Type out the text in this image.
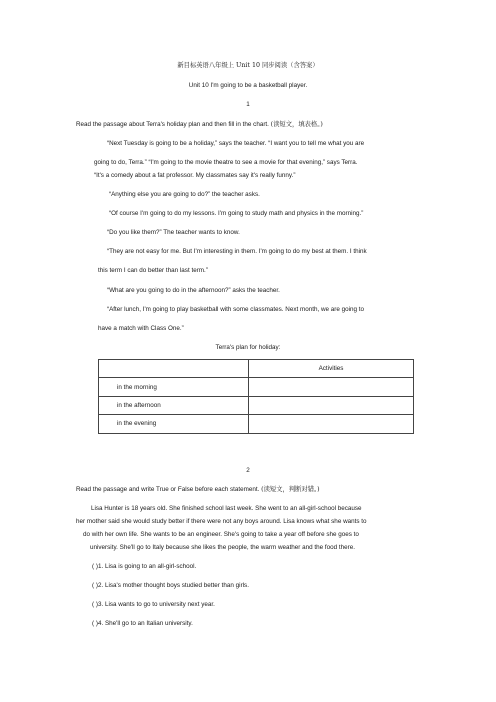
新目标英语八年级上 Unit 10 同步阅读（含答案）
Unit 10 I'm going to be a basketball player.
1
Read the passage about Terra's holiday plan and then fill in the chart. (读短文，填表格。)
“Next Tuesday is going to be a holiday,” says the teacher. “I want you to tell me what you are
going to do, Terra.” “I'm going to the movie theatre to see a movie for that evening,” says Terra.
“It's a comedy about a fat professor. My classmates say it's really funny.”
“Anything else you are going to do?” the teacher asks.
“Of course I'm going to do my lessons. I'm going to study math and physics in the morning.”
“Do you like them?” The teacher wants to know.
“They are not easy for me. But I'm interesting in them. I'm going to do my best at them. I think
this term I can do better than last term.”
“What are you going to do in the afternoon?” asks the teacher.
“After lunch, I'm going to play basketball with some classmates. Next month, we are going to
have a match with Class One.”
Terra's plan for holiday:
	Activities
in the morning	
in the afternoon	
in the evening	
2
Read the passage and write True or False before each statement. (读短文，判断对错。)
Lisa Hunter is 18 years old. She finished school last week. She went to an all-girl-school because
her mother said she would study better if there were not any boys around. Lisa knows what she wants to
do with her own life. She wants to be an engineer. She's going to take a year off before she goes to
university. She'll go to Italy because she likes the people, the warm weather and the food there.
( )1. Lisa is going to an all-girl-school.
( )2. Lisa's mother thought boys studied better than girls.
( )3. Lisa wants to go to university next year.
( )4. She'll go to an Italian university.
